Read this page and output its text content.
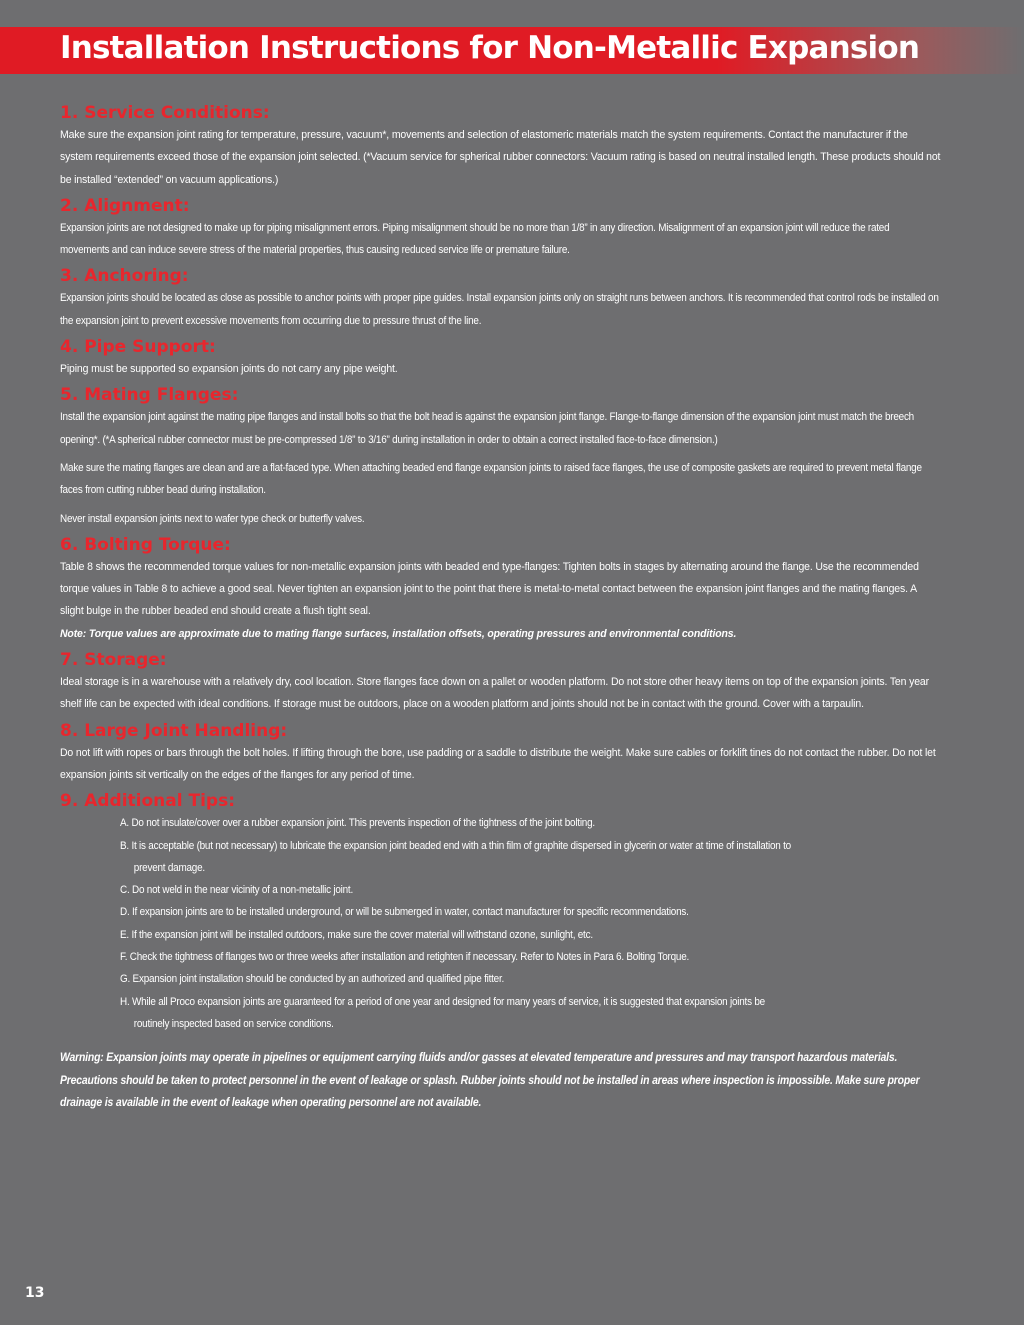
Installation Instructions for Non-Metallic Expansion
1. Service Conditions:
Make sure the expansion joint rating for temperature, pressure, vacuum*, movements and selection of elastomeric materials match the system requirements. Contact the manufacturer if the system requirements exceed those of the expansion joint selected. (*Vacuum service for spherical rubber connectors: Vacuum rating is based on neutral installed length. These products should not be installed “extended” on vacuum applications.)
2. Alignment:
Expansion joints are not designed to make up for piping misalignment errors. Piping misalignment should be no more than 1/8” in any direction. Misalignment of an expansion joint will reduce the rated movements and can induce severe stress of the material properties, thus causing reduced service life or premature failure.
3. Anchoring:
Expansion joints should be located as close as possible to anchor points with proper pipe guides. Install expansion joints only on straight runs between anchors. It is recommended that control rods be installed on the expansion joint to prevent excessive movements from occurring due to pressure thrust of the line.
4. Pipe Support:
Piping must be supported so expansion joints do not carry any pipe weight.
5. Mating Flanges:
Install the expansion joint against the mating pipe flanges and install bolts so that the bolt head is against the expansion joint flange. Flange-to-flange dimension of the expansion joint must match the breech opening*. (*A spherical rubber connector must be pre-compressed 1/8” to 3/16” during installation in order to obtain a correct installed face-to-face dimension.)
Make sure the mating flanges are clean and are a flat-faced type. When attaching beaded end flange expansion joints to raised face flanges, the use of composite gaskets are required to prevent metal flange faces from cutting rubber bead during installation.
Never install expansion joints next to wafer type check or butterfly valves.
6. Bolting Torque:
Table 8 shows the recommended torque values for non-metallic expansion joints with beaded end type-flanges: Tighten bolts in stages by alternating around the flange. Use the recommended torque values in Table 8 to achieve a good seal. Never tighten an expansion joint to the point that there is metal-to-metal contact between the expansion joint flanges and the mating flanges. A slight bulge in the rubber beaded end should create a flush tight seal.
Note: Torque values are approximate due to mating flange surfaces, installation offsets, operating pressures and environmental conditions.
7. Storage:
Ideal storage is in a warehouse with a relatively dry, cool location. Store flanges face down on a pallet or wooden platform. Do not store other heavy items on top of the expansion joints. Ten year shelf life can be expected with ideal conditions. If storage must be outdoors, place on a wooden platform and joints should not be in contact with the ground. Cover with a tarpaulin.
8. Large Joint Handling:
Do not lift with ropes or bars through the bolt holes. If lifting through the bore, use padding or a saddle to distribute the weight. Make sure cables or forklift tines do not contact the rubber. Do not let expansion joints sit vertically on the edges of the flanges for any period of time.
9. Additional Tips:
A. Do not insulate/cover over a rubber expansion joint. This prevents inspection of the tightness of the joint bolting.
B. It is acceptable (but not necessary) to lubricate the expansion joint beaded end with a thin film of graphite dispersed in glycerin or water at time of installation to
prevent damage.
C. Do not weld in the near vicinity of a non-metallic joint.
D. If expansion joints are to be installed underground, or will be submerged in water, contact manufacturer for specific recommendations.
E. If the expansion joint will be installed outdoors, make sure the cover material will withstand ozone, sunlight, etc.
F. Check the tightness of flanges two or three weeks after installation and retighten if necessary. Refer to Notes in Para 6. Bolting Torque.
G. Expansion joint installation should be conducted by an authorized and qualified pipe fitter.
H. While all Proco expansion joints are guaranteed for a period of one year and designed for many years of service, it is suggested that expansion joints be
routinely inspected based on service conditions.
Warning: Expansion joints may operate in pipelines or equipment carrying fluids and/or gasses at elevated temperature and pressures and may transport hazardous materials. Precautions should be taken to protect personnel in the event of leakage or splash. Rubber joints should not be installed in areas where inspection is impossible. Make sure proper drainage is available in the event of leakage when operating personnel are not available.
13
